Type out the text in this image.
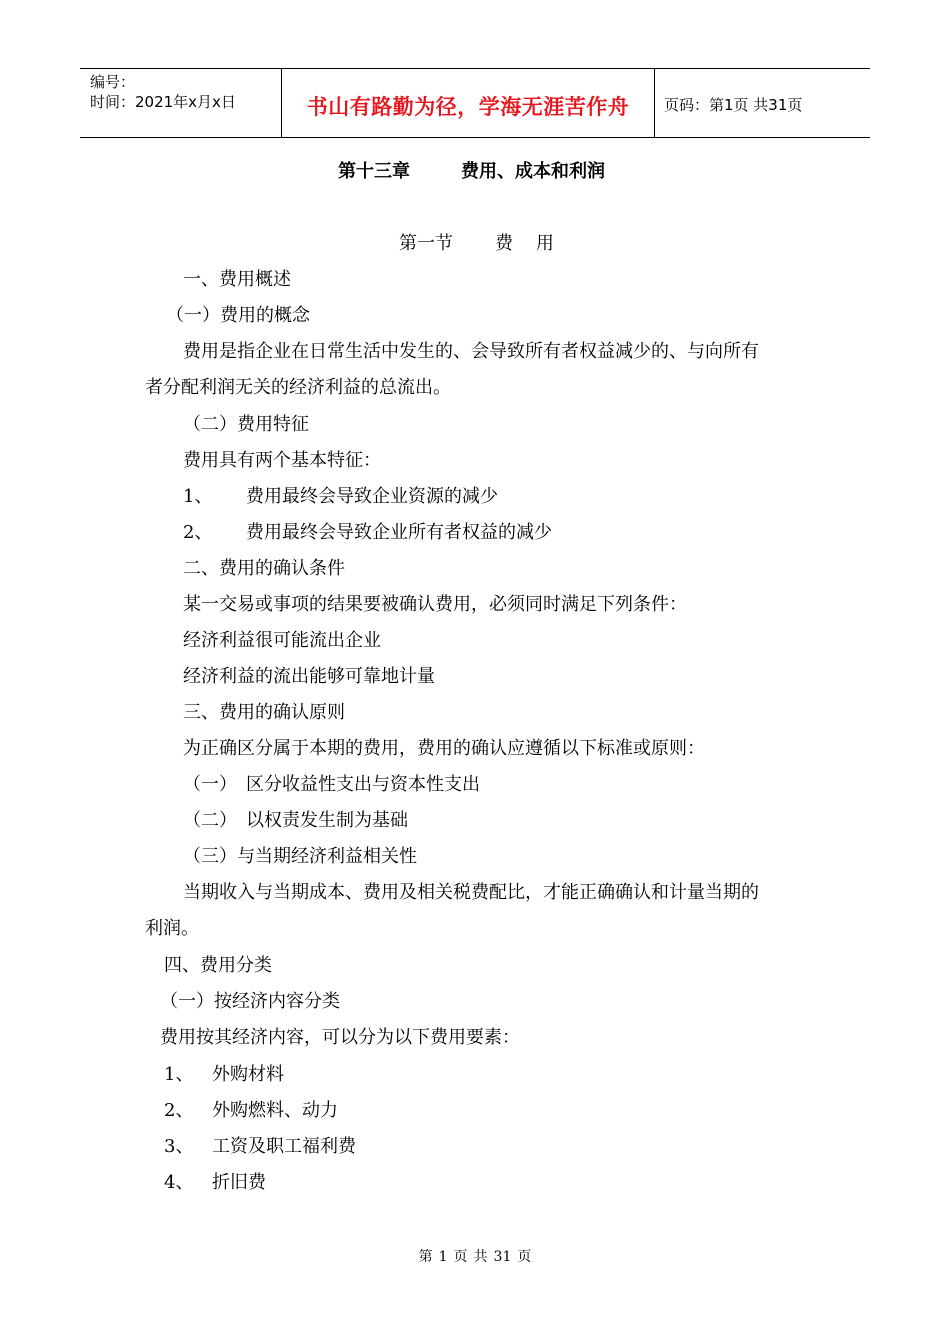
编号：
时间：2021年x月x日	书山有路勤为径，学海无涯苦作舟	页码：第1页 共31页
第十三章	费用、成本和利润
第一节 费    用
一、费用概述
（一）费用的概念
费用是指企业在日常生活中发生的、会导致所有者权益减少的、与向所有
者分配利润无关的经济利益的总流出。
（二）费用特征
费用具有两个基本特征：
1、 费用最终会导致企业资源的减少
2、 费用最终会导致企业所有者权益的减少
二、费用的确认条件
某一交易或事项的结果要被确认费用，必须同时满足下列条件：
经济利益很可能流出企业
经济利益的流出能够可靠地计量
三、费用的确认原则
为正确区分属于本期的费用，费用的确认应遵循以下标准或原则：
（一） 区分收益性支出与资本性支出
（二） 以权责发生制为基础
（三）与当期经济利益相关性
当期收入与当期成本、费用及相关税费配比，才能正确确认和计量当期的
利润。
四、费用分类
（一）按经济内容分类
费用按其经济内容，可以分为以下费用要素：
1、 外购材料
2、 外购燃料、动力
3、 工资及职工福利费
4、 折旧费
第 1 页 共 31 页
